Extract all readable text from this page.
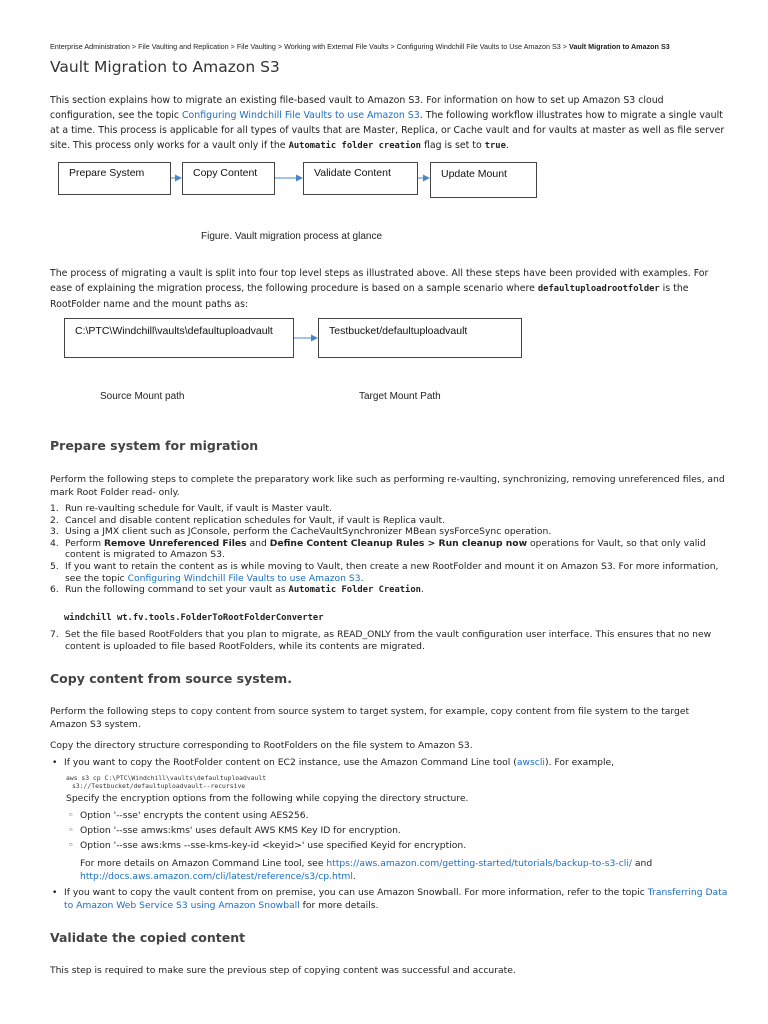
Enterprise Administration > File Vaulting and Replication > File Vaulting > Working with External File Vaults > Configuring Windchill File Vaults to Use Amazon S3 > Vault Migration to Amazon S3
Vault Migration to Amazon S3

This section explains how to migrate an existing file-based vault to Amazon S3. For information on how to set up Amazon S3 cloud configuration, see the topic Configuring Windchill File Vaults to use Amazon S3. The following workflow illustrates how to migrate a single vault at a time. This process is applicable for all types of vaults that are Master, Replica, or Cache vault and for vaults at master as well as file server site. This process only works for a vault only if the Automatic folder creation flag is set to true.

Prepare System	Copy Content	Validate Content	Update Mount
Figure. Vault migration process at glance

The process of migrating a vault is split into four top level steps as illustrated above. All these steps have been provided with examples. For ease of explaining the migration process, the following procedure is based on a sample scenario where defaultuploadrootfolder is the RootFolder name and the mount paths as:

C:\PTC\Windchill\vaults\defaultuploadvault	Testbucket/defaultuploadvault
Source Mount path	Target Mount Path
Prepare system for migration

Perform the following steps to complete the preparatory work like such as performing re-vaulting, synchronizing, removing unreferenced files, and mark Root Folder read- only.

1. Run re-vaulting schedule for Vault, if vault is Master vault.
2. Cancel and disable content replication schedules for Vault, if vault is Replica vault.
3. Using a JMX client such as JConsole, perform the CacheVaultSynchronizer MBean sysForceSync operation.
4. Perform Remove Unreferenced Files and Define Content Cleanup Rules > Run cleanup now operations for Vault, so that only valid content is migrated to Amazon S3.
5. If you want to retain the content as is while moving to Vault, then create a new RootFolder and mount it on Amazon S3. For more information, see the topic Configuring Windchill File Vaults to use Amazon S3.
6. Run the following command to set your vault as Automatic Folder Creation.
windchill wt.fv.tools.FolderToRootFolderConverter
7. Set the file based RootFolders that you plan to migrate, as READ_ONLY from the vault configuration user interface. This ensures that no new content is uploaded to file based RootFolders, while its contents are migrated.
Copy content from source system.

Perform the following steps to copy content from source system to target system, for example, copy content from file system to the target Amazon S3 system.

Copy the directory structure corresponding to RootFolders on the file system to Amazon S3.

• If you want to copy the RootFolder content on EC2 instance, use the Amazon Command Line tool (awscli). For example,
aws s3 cp C:\PTC\Windchill\vaults\defaultuploadvault
s3://Testbucket/defaultuploadvault--recursive

Specify the encryption options from the following while copying the directory structure.

◦ Option '--sse' encrypts the content using AES256.
◦ Option '--sse amws:kms' uses default AWS KMS Key ID for encryption.
◦ Option '--sse aws:kms --sse-kms-key-id <keyid>' use specified Keyid for encryption.

For more details on Amazon Command Line tool, see https://aws.amazon.com/getting-started/tutorials/backup-to-s3-cli/ and http://docs.aws.amazon.com/cli/latest/reference/s3/cp.html.

• If you want to copy the vault content from on premise, you can use Amazon Snowball. For more information, refer to the topic Transferring Data to Amazon Web Service S3 using Amazon Snowball for more details.
Validate the copied content

This step is required to make sure the previous step of copying content was successful and accurate.
